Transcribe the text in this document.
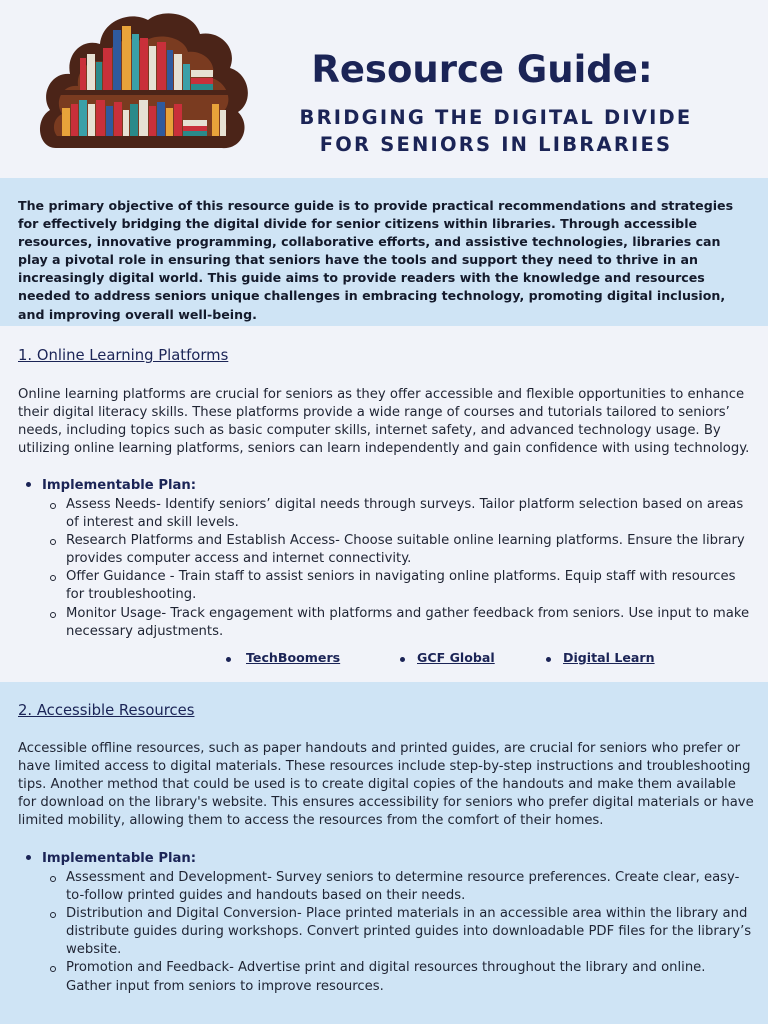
Resource Guide:
BRIDGING THE DIGITAL DIVIDE
FOR SENIORS IN LIBRARIES

The primary objective of this resource guide is to provide practical recommendations and strategies for effectively bridging the digital divide for senior citizens within libraries. Through accessible resources, innovative programming, collaborative efforts, and assistive technologies, libraries can play a pivotal role in ensuring that seniors have the tools and support they need to thrive in an increasingly digital world. This guide aims to provide readers with the knowledge and resources needed to address seniors unique challenges in embracing technology, promoting digital inclusion, and improving overall well-being.

1. Online Learning Platforms
Online learning platforms are crucial for seniors as they offer accessible and flexible opportunities to enhance their digital literacy skills. These platforms provide a wide range of courses and tutorials tailored to seniors’ needs, including topics such as basic computer skills, internet safety, and advanced technology usage. By utilizing online learning platforms, seniors can learn independently and gain confidence with using technology.
Implementable Plan:
Assess Needs- Identify seniors’ digital needs through surveys. Tailor platform selection based on areas of interest and skill levels.
Research Platforms and Establish Access- Choose suitable online learning platforms. Ensure the library provides computer access and internet connectivity.
Offer Guidance - Train staff to assist seniors in navigating online platforms. Equip staff with resources for troubleshooting.
Monitor Usage- Track engagement with platforms and gather feedback from seniors. Use input to make necessary adjustments.
TechBoomers	GCF Global	Digital Learn
2. Accessible Resources
Accessible offline resources, such as paper handouts and printed guides, are crucial for seniors who prefer or have limited access to digital materials. These resources include step-by-step instructions and troubleshooting tips. Another method that could be used is to create digital copies of the handouts and make them available for download on the library's website. This ensures accessibility for seniors who prefer digital materials or have limited mobility, allowing them to access the resources from the comfort of their homes.
Implementable Plan:
Assessment and Development- Survey seniors to determine resource preferences. Create clear, easy-to-follow printed guides and handouts based on their needs.
Distribution and Digital Conversion- Place printed materials in an accessible area within the library and distribute guides during workshops. Convert printed guides into downloadable PDF files for the library’s website.
Promotion and Feedback- Advertise print and digital resources throughout the library and online. Gather input from seniors to improve resources.
